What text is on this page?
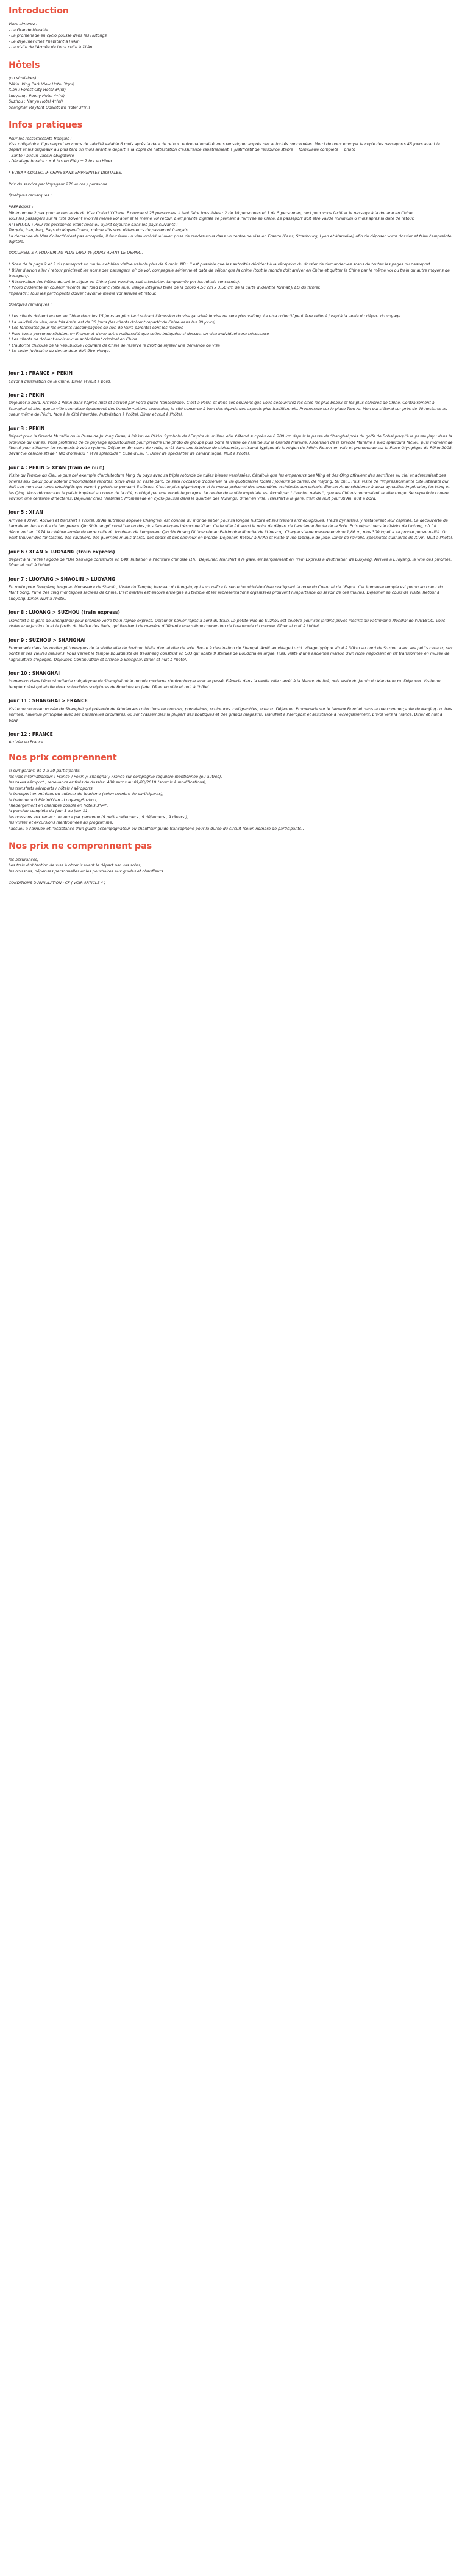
Introduction

Vous aimerez :

- La Grande Muraille

- La promenade en cyclo pousse dans les Hutongs

- Le déjeuner chez l'habitant à Pékin

- La visite de l'Armée de terre cuite à Xi'An

Hôtels

(ou similaires) :

Pékin: King Park View Hotel 3*(nl)

Xian : Forest City Hotel 3*(nl)

Luoyang : Peony Hotel 4*(nl)

Suzhou : Nanya Hotel 4*(nl)

Shanghai: Rayfont Downtown Hotel 3*(nl)

Infos pratiques

Pour les ressortissants français :

Visa obligatoire. Il passeport en cours de validité valable 6 mois après la date de retour. Autre nationalité vous renseigner auprès des autorités concernées. Merci de nous envoyer la copie des passeports 45 jours avant le départ et les originaux au plus tard un mois avant le départ + la copie de l'attestation d'assurance rapatriement + justificatif de ressource stable + formulaire complété + photo

- Santé : aucun vaccin obligatoire

- Décalage horaire : + 6 hrs en Eté / + 7 hrs en Hiver

* EVISA * COLLECTIF CHINE SANS EMPREINTES DIGITALES.

Prix du service par Voyageur 270 euros / personne.

Quelques remarques :

PREREQUIS :

Minimum de 2 pax pour le demande du Visa Collectif Chine. Exemple si 25 personnes, il faut faire trois listes : 2 de 10 personnes et 1 de 5 personnes, ceci pour vous faciliter le passage à la douane en Chine.

Tous les passagers sur la liste doivent avoir le même vol aller et le même vol retour. L'empreinte digitale se prenant à l'arrivée en Chine. Le passeport doit être valide minimum 6 mois après la date de retour.

ATTENTION : Pour les personnes étant nées ou ayant séjourné dans les pays suivants :

Turquie, Iran, Iraq, Pays du Moyen-Orient, même s'ils sont détenteurs du passeport français.

La demande de Visa Collectif n'est pas acceptée, il faut faire un visa individuel avec prise de rendez-vous dans un centre de visa en France (Paris, Strasbourg, Lyon et Marseille) afin de déposer votre dossier et faire l'empreinte digitale.

DOCUMENTS A FOURNIR AU PLUS TARD 45 JOURS AVANT LE DEPART.

* Scan de la page 2 et 3 du passeport en couleur et bien visible valable plus de 6 mois. NB : il est possible que les autorités décident à la réception du dossier de demander les scans de toutes les pages du passeport.

* Billet d'avion aller / retour précisant les noms des passagers, n° de vol, compagnie aérienne et date de séjour que la chine (tout le monde doit arriver en Chine et quitter la Chine par le même vol ou train ou autre moyens de transport).

* Réservation des hôtels durant le séjour en Chine (soit voucher, soit attestation tamponnée par les hôtels concernés).

* Photo d'identité en couleur récente sur fond blanc (tête nue, visage intégral) taille de la photo 4,50 cm x 3,50 cm de la carte d'identité format JPEG du fichier.

Impératif : Tous les participants doivent avoir le même vol arrivée et retour.

Quelques remarques :

* Les clients doivent entrer en Chine dans les 15 jours au plus tard suivant l'émission du visa (au-delà le visa ne sera plus valide). Le visa collectif peut être délivré jusqu'à la veille du départ du voyage.

* La validité du visa, une fois émis, est de 30 jours (les clients doivent repartir de Chine dans les 30 jours)

* Les formalités pour les enfants (accompagnés ou non de leurs parents) sont les mêmes

* Pour toute personne résidant en France et d'une autre nationalité que celles indiquées ci-dessus, un visa individuel sera nécessaire

* Les clients ne doivent avoir aucun antécédent criminel en Chine.

* L'autorité chinoise de la République Populaire de Chine se réserve le droit de rejeter une demande de visa

* Le coder judiciaire du demandeur doit être vierge.

Jour 1 : FRANCE > PEKIN

Envol à destination de la Chine. Dîner et nuit à bord.

Jour 2 : PEKIN

Déjeuner à bord. Arrivée à Pékin dans l'après-midi et accueil par votre guide francophone. C'est à Pékin et dans ses environs que vous découvrirez les sites les plus beaux et les plus célèbres de Chine. Contrairement à Shanghai et bien que la ville connaisse également des transformations colossales, la cité conserve à bien des égards des aspects plus traditionnels. Promenade sur la place Tien An Men qui s'étend sur près de 40 hectares au coeur même de Pékin, face à la Cité Interdite. Installation à l'hôtel. Dîner et nuit à l'hôtel.

Jour 3 : PEKIN

Départ pour la Grande Muraille ou la Passe de Ju Yong Guan, à 80 km de Pékin. Symbole de l'Empire du milieu, elle s'étend sur près de 6 700 km depuis la passe de Shanghai près du golfe de Bohaï jusqu'à la passe Jiayu dans la province du Gansu. Vous profiterez de ce paysage époustouflant pour prendre une photo de groupe puis boire le verre de l'amitié sur la Grande Muraille. Ascension de la Grande Muraille à pied (parcours facile), puis moment de liberté pour sillonner les remparts à votre rythme. Déjeuner. En cours de route, arrêt dans une fabrique de cloisonnés, artisanat typique de la région de Pékin. Retour en ville et promenade sur la Place Olympique de Pékin 2008, devant le célèbre stade " Nid d'oiseaux " et le splendide " Cube d'Eau ". Dîner de spécialités de canard laqué. Nuit à l'hôtel.

Jour 4 : PEKIN > XI'AN (train de nuit)

Visite du Temple du Ciel, le plus bel exemple d'architecture Ming du pays avec sa triple rotonde de tuiles bleues vernissées. Cétait-là que les empereurs des Ming et des Qing offraient des sacrifices au ciel et adressaient des prières aux dieux pour obtenir d'abondantes récoltes. Situé dans un vaste parc, ce sera l'occasion d'observer la vie quotidienne locale : joueurs de cartes, de majong, taï chi... Puis, visite de l'impressionnante Cité Interdite qui doit son nom aux rares privilégiés qui purent y pénétrer pendant 5 siècles. C'est le plus gigantesque et le mieux préservé des ensembles architecturaux chinois. Elle servit de résidence à deux dynasties impériales, les Ming et les Qing. Vous découvrirez le palais impérial au coeur de la cité, protégé par une enceinte pourpre. Le centre de la ville impériale est formé par " l'ancien palais ", que les Chinois nommaient la ville rouge. Se superficie couvre environ une centaine d'hectares. Déjeuner chez l'habitant. Promenade en cyclo-pousse dans le quartier des Hutongs. Dîner en ville. Transfert à la gare, train de nuit pour Xi'An, nuit à bord.

Jour 5 : XI'AN

Arrivée à Xi'An. Accueil et transfert à l'hôtel. Xi'An autrefois appelée Chang'an, est connue du monde entier pour sa longue histoire et ses trésors archéologiques. Treize dynasties, y installèrent leur capitale. La découverte de l'armée en terre cuite de l'empereur Qin Shihuangdi constitue un des plus fantastiques trésors de Xi'an. Cette ville fut aussi le point de départ de l'ancienne Route de la Soie. Puis départ vers le district de Lintong, où fut découvert en 1974 la célèbre armée de terre cuite du tombeau de l'empereur Qin Shi Huang Di (inscrite au Patrimoine Mondial de l'Unesco). Chaque statue mesure environ 1,86 m, plus 300 kg et a sa propre personnalité. On peut trouver des fantassins, des cavaliers, des guerriers munis d'arcs, des chars et des chevaux en bronze. Déjeuner. Retour à Xi'An et visite d'une fabrique de jade. Dîner de raviolis, spécialités culinaires de Xi'An. Nuit à l'hôtel.

Jour 6 : XI'AN > LUOYANG (train express)

Départ à la Petite Pagode de l'Oie Sauvage construite en 648. Initiation à l'écriture chinoise (1h). Déjeuner. Transfert à la gare, embarquement en Train Express à destination de Luoyang. Arrivée à Luoyang, la ville des pivoines. Dîner et nuit à l'hôtel.

Jour 7 : LUOYANG > SHAOLIN > LUOYANG

En route pour Dengfeng jusqu'au Monastère de Shaolin, Visite du Temple, berceau du kung-fu, qui a vu naître la secte bouddhiste Chan pratiquant la boxe du Coeur et de l'Esprit. Cet immense temple est perdu au coeur du Mont Song, l'une des cinq montagnes sacrées de Chine. L'art martial est encore enseigné au temple et les représentations organisées prouvent l'importance du savoir de ces moines. Déjeuner en cours de visite. Retour à Luoyang. Dîner. Nuit à l'hôtel.

Jour 8 : LUOANG > SUZHOU (train express)

Transfert à la gare de Zhengzhou pour prendre votre train rapide express. Déjeuner panier repas à bord du train. La petite ville de Suzhou est célèbre pour ses jardins privés inscrits au Patrimoine Mondial de l'UNESCO. Vous visiterez le Jardin Liu et le Jardin du Maître des filets, qui illustrent de manière différente une même conception de l'harmonie du monde. Dîner et nuit à l'hôtel.

Jour 9 : SUZHOU > SHANGHAI

Promenade dans les ruelles pittoresques de la vieille ville de Suzhou. Visite d'un atelier de soie. Route à destination de Shangaï. Arrêt au village Luzhi, village typique situé à 30km au nord de Suzhou avec ses petits canaux, ses ponts et ses vieilles maisons. Vous verrez le temple bouddhiste de Baosheng construit en 503 qui abrite 9 statues de Bouddha en argile. Puis, visite d'une ancienne maison d'un riche négociant en riz transformée en musée de l'agriculture d'époque. Déjeuner. Continuation et arrivée à Shanghai. Dîner et nuit à l'hôtel.

Jour 10 : SHANGHAI

Immersion dans l'époustouflante mégalopole de Shanghaï où le monde moderne s'entrechoque avec le passé. Flânerie dans la vieille ville : arrêt à la Maison de thé, puis visite du Jardin du Mandarin Yu. Déjeuner. Visite du temple Yufosi qui abrite deux splendides sculptures de Bouddha en jade. Dîner en ville et nuit à l'hôtel.

Jour 11 : SHANGHAI > FRANCE

Visite du nouveau musée de Shanghaï qui présente de fabuleuses collections de bronzes, porcelaines, sculptures, calligraphies, sceaux. Déjeuner. Promenade sur le fameux Bund et dans la rue commerçante de Nanjing Lu, très animée, l'avenue principale avec ses passerelles circulaires, où sont rassemblés la plupart des boutiques et des grands magasins. Transfert à l'aéroport et assistance à l'enregistrement. Envol vers la France. Dîner et nuit à bord.

Jour 12 : FRANCE

Arrivée en France.

Nos prix comprennent

ci-suit garanti de 2 à 20 participants,

les vols internationaux : France / Pekin // Shanghaï / France sur compagnie régulière mentionnée (ou autres),

les taxes aéroport , redevance et frais de dossier: 400 euros au 01/03/2019 (soumis à modifications),

les transferts aéroports / hôtels / aéroports,

le transport en minibus ou autocar de tourisme (selon nombre de participants),

le train de nuit Pékin/Xi'an - Luoyang/Suzhou,

l'hébergement en chambre double en hôtels 3*/4*,

la pension complète du jour 1 au jour 11,

les boissons aux repas : un verre par personne (9 petits déjeuners , 9 déjeuners , 9 dîners ),

les visites et excursions mentionnées au programme,

l'accueil à l'arrivée et l'assistance d'un guide accompagnateur ou chauffeur-guide francophone pour la durée du circuit (selon nombre de participants),

Nos prix ne comprennent pas

les assurances,

Les frais d'obtention de visa à obtenir avant le départ par vos soins,

les boissons, dépenses personnelles et les pourboires aux guides et chauffeurs.

CONDITIONS D'ANNULATION : CF ( VOIR ARTICLE 4 )
